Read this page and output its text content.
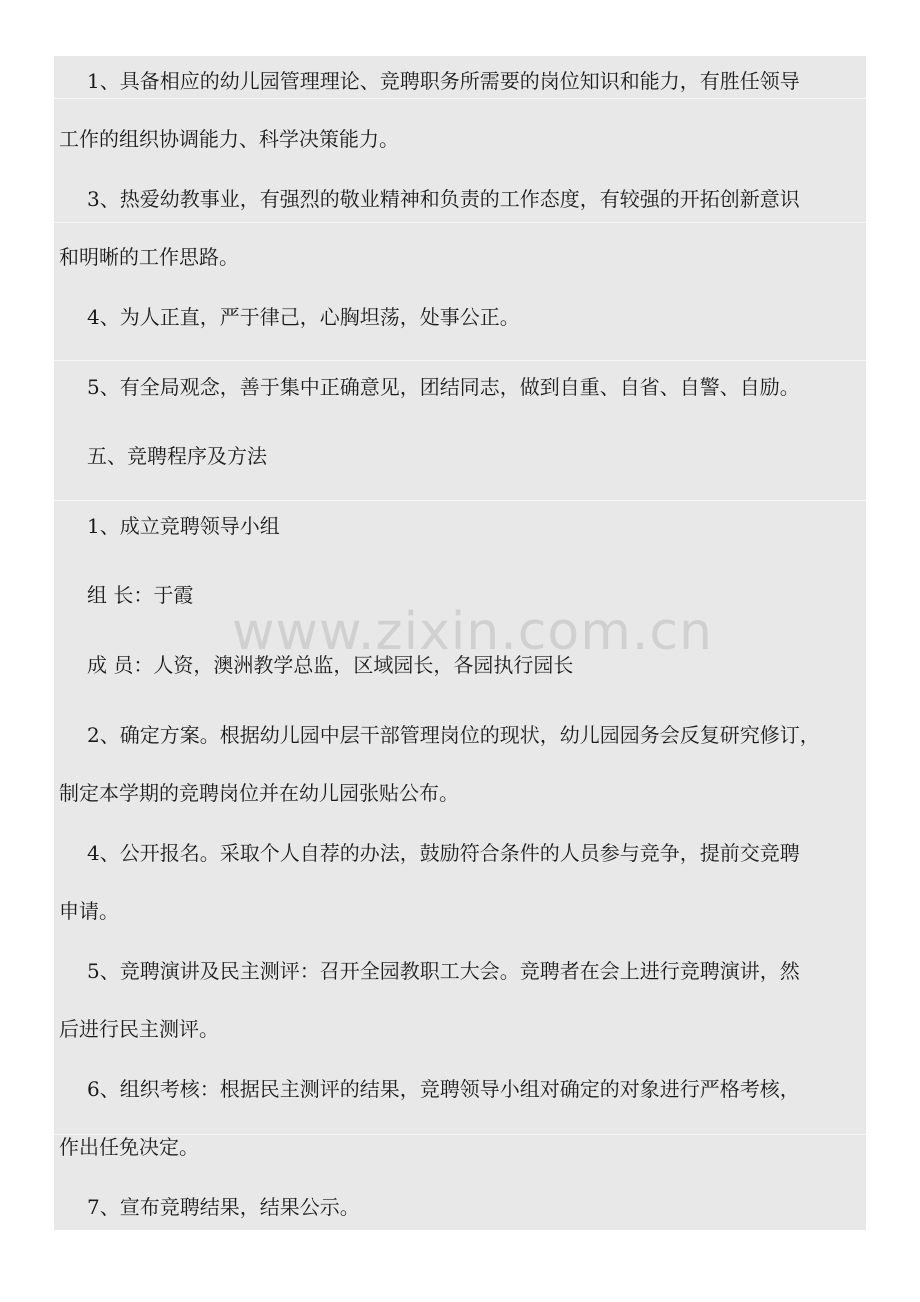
1、具备相应的幼儿园管理理论、竞聘职务所需要的岗位知识和能力，有胜任领导
工作的组织协调能力、科学决策能力。

3、热爱幼教事业，有强烈的敬业精神和负责的工作态度，有较强的开拓创新意识
和明晰的工作思路。

4、为人正直，严于律己，心胸坦荡，处事公正。

5、有全局观念，善于集中正确意见，团结同志，做到自重、自省、自警、自励。

五、竞聘程序及方法

1、成立竞聘领导小组

组 长：于霞

成 员：人资，澳洲教学总监，区域园长，各园执行园长

2、确定方案。根据幼儿园中层干部管理岗位的现状，幼儿园园务会反复研究修订，
制定本学期的竞聘岗位并在幼儿园张贴公布。

4、公开报名。采取个人自荐的办法，鼓励符合条件的人员参与竞争，提前交竞聘
申请。

5、竞聘演讲及民主测评：召开全园教职工大会。竞聘者在会上进行竞聘演讲，然
后进行民主测评。

6、组织考核：根据民主测评的结果，竞聘领导小组对确定的对象进行严格考核，
作出任免决定。

7、宣布竞聘结果，结果公示。
